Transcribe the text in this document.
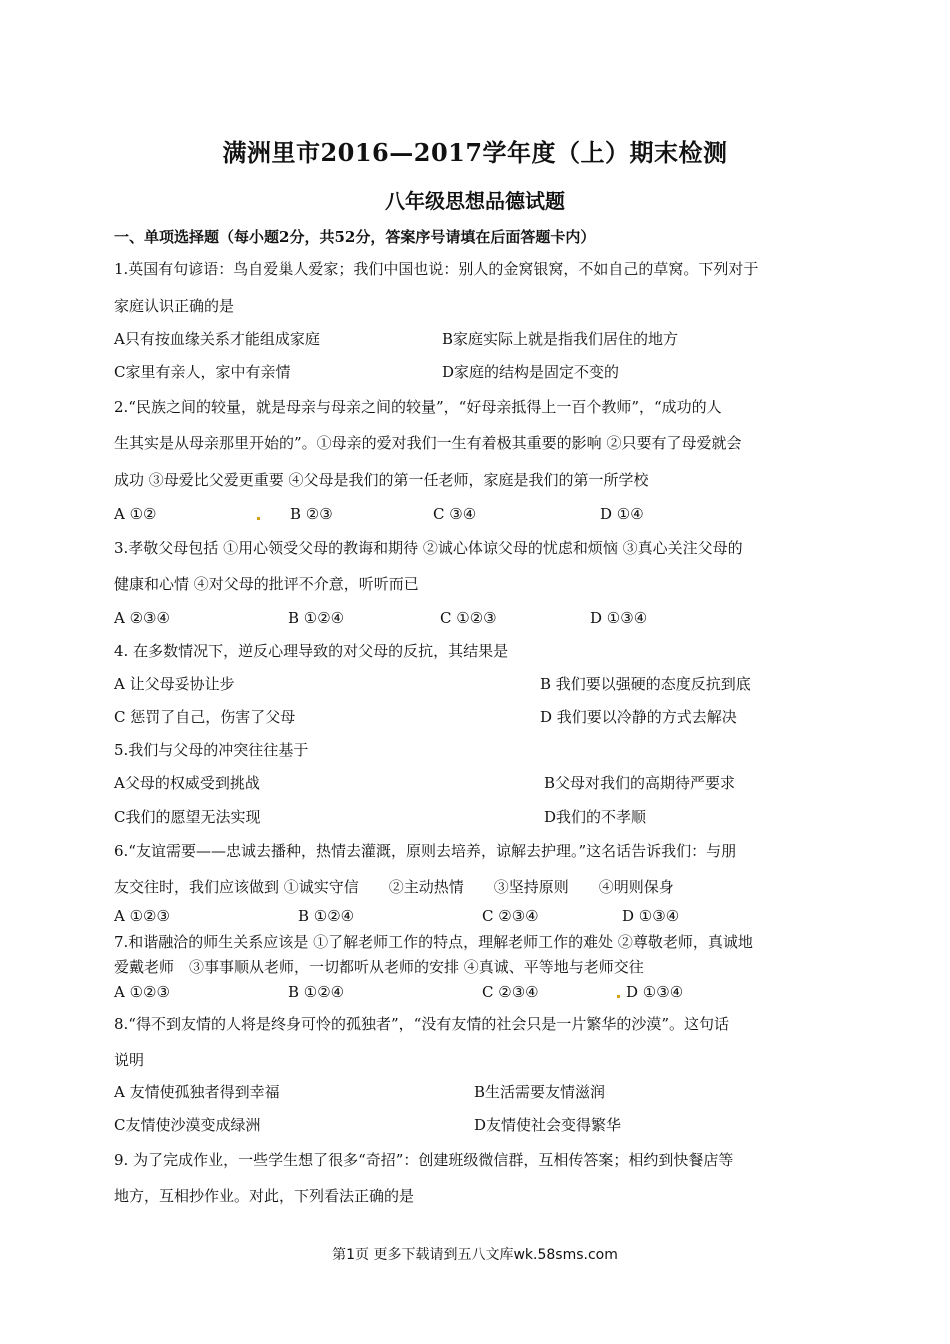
满洲里市2016—2017学年度（上）期末检测
八年级思想品德试题
一、单项选择题（每小题2分，共52分，答案序号请填在后面答题卡内）
1.英国有句谚语：鸟自爱巢人爱家；我们中国也说：别人的金窝银窝，不如自己的草窝。下列对于
家庭认识正确的是
A只有按血缘关系才能组成家庭	B家庭实际上就是指我们居住的地方
C家里有亲人，家中有亲情	D家庭的结构是固定不变的
2.“民族之间的较量，就是母亲与母亲之间的较量”，“好母亲抵得上一百个教师”，“成功的人
生其实是从母亲那里开始的”。①母亲的爱对我们一生有着极其重要的影响 ②只要有了母爱就会
成功 ③母爱比父爱更重要 ④父母是我们的第一任老师，家庭是我们的第一所学校
A ①②	B ②③	C ③④	D ①④
3.孝敬父母包括 ①用心领受父母的教诲和期待 ②诚心体谅父母的忧虑和烦恼 ③真心关注父母的
健康和心情 ④对父母的批评不介意，听听而已
A ②③④	B ①②④	C ①②③	D ①③④
4. 在多数情况下，逆反心理导致的对父母的反抗，其结果是
A 让父母妥协让步	B 我们要以强硬的态度反抗到底
C 惩罚了自己，伤害了父母	D 我们要以冷静的方式去解决
5.我们与父母的冲突往往基于
A父母的权威受到挑战	B父母对我们的高期待严要求
C我们的愿望无法实现	D我们的不孝顺
6.“友谊需要——忠诚去播种，热情去灌溉，原则去培养，谅解去护理。”这名话告诉我们：与朋
友交往时，我们应该做到 ①诚实守信　　②主动热情　　③坚持原则　　④明则保身
A ①②③	B ①②④	C ②③④	D ①③④
7.和谐融洽的师生关系应该是 ①了解老师工作的特点，理解老师工作的难处 ②尊敬老师，真诚地
爱戴老师　③事事顺从老师，一切都听从老师的安排 ④真诚、平等地与老师交往
A ①②③	B ①②④	C ②③④	D ①③④
8.“得不到友情的人将是终身可怜的孤独者”，“没有友情的社会只是一片繁华的沙漠”。这句话
说明
A 友情使孤独者得到幸福	B生活需要友情滋润
C友情使沙漠变成绿洲	D友情使社会变得繁华
9. 为了完成作业，一些学生想了很多“奇招”：创建班级微信群，互相传答案；相约到快餐店等
地方，互相抄作业。对此，下列看法正确的是
第1页 更多下载请到五八文库wk.58sms.com
